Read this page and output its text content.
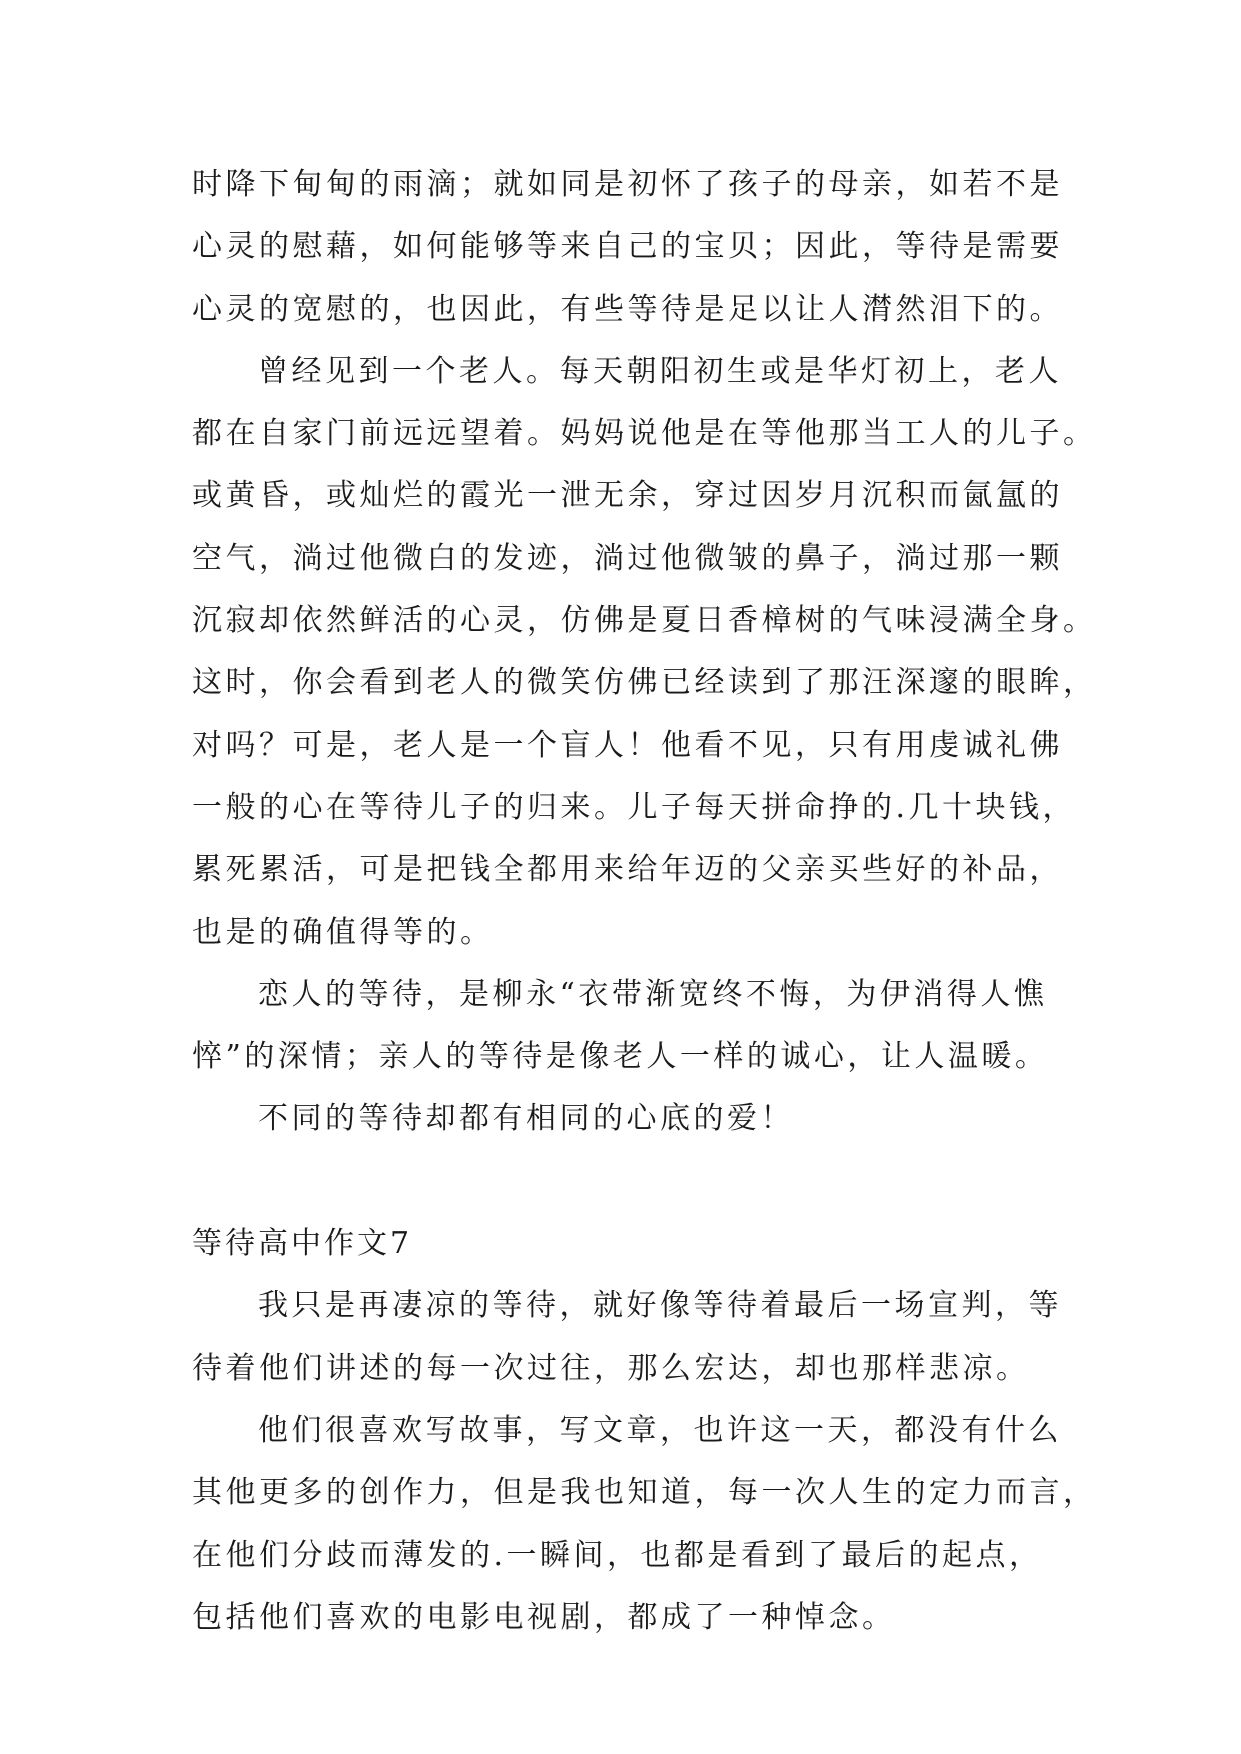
时降下甸甸的雨滴；就如同是初怀了孩子的母亲，如若不是
心灵的慰藉，如何能够等来自己的宝贝；因此，等待是需要
心灵的宽慰的，也因此，有些等待是足以让人潸然泪下的。
曾经见到一个老人。每天朝阳初生或是华灯初上，老人
都在自家门前远远望着。妈妈说他是在等他那当工人的儿子。
或黄昏，或灿烂的霞光一泄无余，穿过因岁月沉积而氤氲的
空气，淌过他微白的发迹，淌过他微皱的鼻子，淌过那一颗
沉寂却依然鲜活的心灵，仿佛是夏日香樟树的气味浸满全身。
这时，你会看到老人的微笑仿佛已经读到了那汪深邃的眼眸，
对吗？可是，老人是一个盲人！他看不见，只有用虔诚礼佛
一般的心在等待儿子的归来。儿子每天拼命挣的.几十块钱，
累死累活，可是把钱全都用来给年迈的父亲买些好的补品，
也是的确值得等的。
恋人的等待，是柳永“衣带渐宽终不悔，为伊消得人憔
悴”的深情；亲人的等待是像老人一样的诚心，让人温暖。
不同的等待却都有相同的心底的爱！
等待高中作文7
我只是再凄凉的等待，就好像等待着最后一场宣判，等
待着他们讲述的每一次过往，那么宏达，却也那样悲凉。
他们很喜欢写故事，写文章，也许这一天，都没有什么
其他更多的创作力，但是我也知道，每一次人生的定力而言，
在他们分歧而薄发的.一瞬间，也都是看到了最后的起点，
包括他们喜欢的电影电视剧，都成了一种悼念。
